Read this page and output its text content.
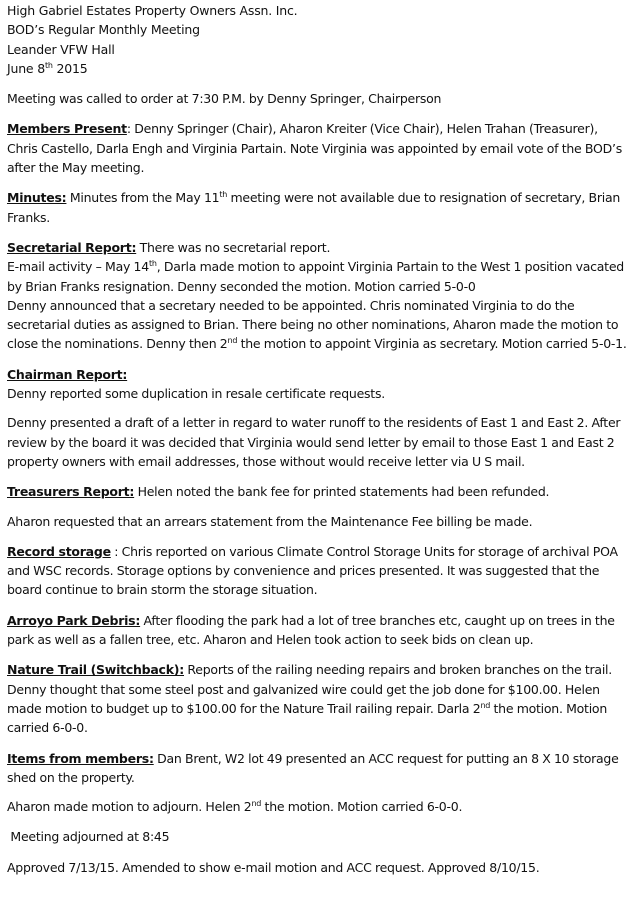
High Gabriel Estates Property Owners Assn. Inc.
BOD’s Regular Monthly Meeting
Leander VFW Hall
June 8th 2015

Meeting was called to order at 7:30 P.M. by Denny Springer, Chairperson

Members Present: Denny Springer (Chair), Aharon Kreiter (Vice Chair), Helen Trahan (Treasurer), Chris Castello, Darla Engh and Virginia Partain. Note Virginia was appointed by email vote of the BOD’s after the May meeting.

Minutes: Minutes from the May 11th meeting were not available due to resignation of secretary, Brian Franks.

Secretarial Report: There was no secretarial report.

E-mail activity – May 14th, Darla made motion to appoint Virginia Partain to the West 1 position vacated by Brian Franks resignation. Denny seconded the motion. Motion carried 5-0-0

Denny announced that a secretary needed to be appointed. Chris nominated Virginia to do the secretarial duties as assigned to Brian. There being no other nominations, Aharon made the motion to close the nominations. Denny then 2nd the motion to appoint Virginia as secretary. Motion carried 5-0-1.

Chairman Report:

Denny reported some duplication in resale certificate requests.

Denny presented a draft of a letter in regard to water runoff to the residents of East 1 and East 2. After review by the board it was decided that Virginia would send letter by email to those East 1 and East 2 property owners with email addresses, those without would receive letter via U S mail.

Treasurers Report: Helen noted the bank fee for printed statements had been refunded.

Aharon requested that an arrears statement from the Maintenance Fee billing be made.

Record storage : Chris reported on various Climate Control Storage Units for storage of archival POA and WSC records. Storage options by convenience and prices presented. It was suggested that the board continue to brain storm the storage situation.

Arroyo Park Debris: After flooding the park had a lot of tree branches etc, caught up on trees in the park as well as a fallen tree, etc. Aharon and Helen took action to seek bids on clean up.

Nature Trail (Switchback): Reports of the railing needing repairs and broken branches on the trail. Denny thought that some steel post and galvanized wire could get the job done for $100.00. Helen made motion to budget up to $100.00 for the Nature Trail railing repair. Darla 2nd the motion. Motion carried 6-0-0.

Items from members: Dan Brent, W2 lot 49 presented an ACC request for putting an 8 X 10 storage shed on the property.

Aharon made motion to adjourn. Helen 2nd the motion. Motion carried 6-0-0.

Meeting adjourned at 8:45

Approved 7/13/15. Amended to show e-mail motion and ACC request. Approved 8/10/15.
